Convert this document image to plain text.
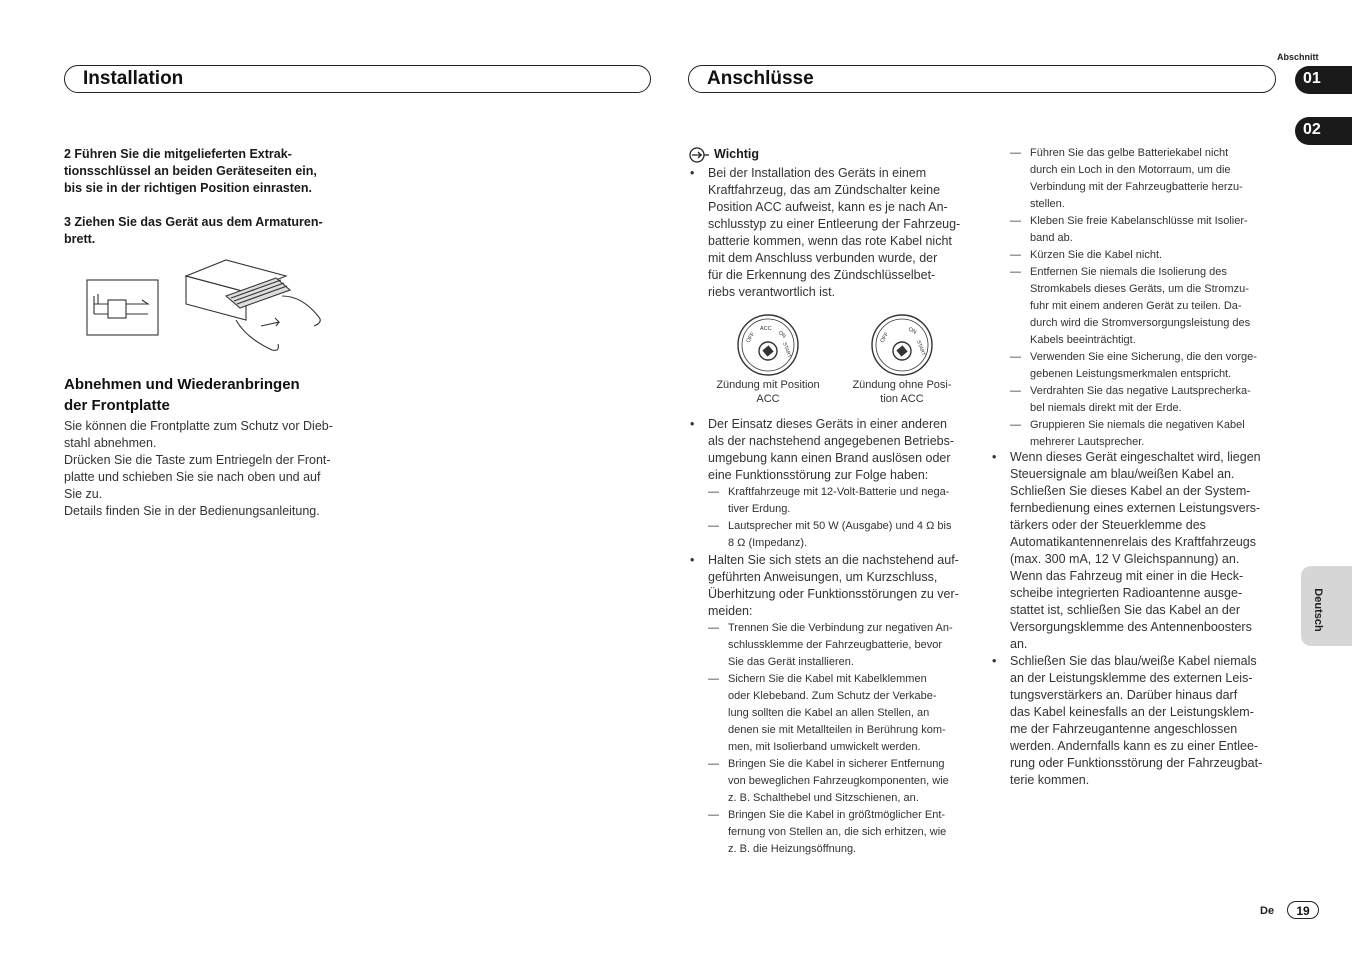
Abschnitt
Installation	Anschlüsse	01
02
2 Führen Sie die mitgelieferten Extrak-
tionsschlüssel an beiden Geräteseiten ein,
bis sie in der richtigen Position einrasten.
3 Ziehen Sie das Gerät aus dem Armaturen-
brett.
Abnehmen und Wiederanbringen
der Frontplatte
Sie können die Frontplatte zum Schutz vor Dieb-
stahl abnehmen.
Drücken Sie die Taste zum Entriegeln der Front-
platte und schieben Sie sie nach oben und auf
Sie zu.
Details finden Sie in der Bedienungsanleitung.
Wichtig
• Bei der Installation des Geräts in einem
Kraftfahrzeug, das am Zündschalter keine
Position ACC aufweist, kann es je nach An-
schlusstyp zu einer Entleerung der Fahrzeug-
batterie kommen, wenn das rote Kabel nicht
mit dem Anschluss verbunden wurde, der
für die Erkennung des Zündschlüsselbet-
riebs verantwortlich ist.
OFF
ACC
ON
START
OFF
ON
START
Zündung mit Position
ACC
Zündung ohne Posi-
tion ACC
• Der Einsatz dieses Geräts in einer anderen
als der nachstehend angegebenen Betriebs-
umgebung kann einen Brand auslösen oder
eine Funktionsstörung zur Folge haben:
— Kraftfahrzeuge mit 12-Volt-Batterie und nega-
tiver Erdung.
— Lautsprecher mit 50 W (Ausgabe) und 4 Ω bis
8 Ω (Impedanz).
• Halten Sie sich stets an die nachstehend auf-
geführten Anweisungen, um Kurzschluss,
Überhitzung oder Funktionsstörungen zu ver-
meiden:
— Trennen Sie die Verbindung zur negativen An-
schlussklemme der Fahrzeugbatterie, bevor
Sie das Gerät installieren.
— Sichern Sie die Kabel mit Kabelklemmen
oder Klebeband. Zum Schutz der Verkabe-
lung sollten die Kabel an allen Stellen, an
denen sie mit Metallteilen in Berührung kom-
men, mit Isolierband umwickelt werden.
— Bringen Sie die Kabel in sicherer Entfernung
von beweglichen Fahrzeugkomponenten, wie
z. B. Schalthebel und Sitzschienen, an.
— Bringen Sie die Kabel in größtmöglicher Ent-
fernung von Stellen an, die sich erhitzen, wie
z. B. die Heizungsöffnung.
— Führen Sie das gelbe Batteriekabel nicht
durch ein Loch in den Motorraum, um die
Verbindung mit der Fahrzeugbatterie herzu-
stellen.
— Kleben Sie freie Kabelanschlüsse mit Isolier-
band ab.
— Kürzen Sie die Kabel nicht.
— Entfernen Sie niemals die Isolierung des
Stromkabels dieses Geräts, um die Stromzu-
fuhr mit einem anderen Gerät zu teilen. Da-
durch wird die Stromversorgungsleistung des
Kabels beeinträchtigt.
— Verwenden Sie eine Sicherung, die den vorge-
gebenen Leistungsmerkmalen entspricht.
— Verdrahten Sie das negative Lautsprecherka-
bel niemals direkt mit der Erde.
— Gruppieren Sie niemals die negativen Kabel
mehrerer Lautsprecher.
• Wenn dieses Gerät eingeschaltet wird, liegen
Steuersignale am blau/weißen Kabel an.
Schließen Sie dieses Kabel an der System-
fernbedienung eines externen Leistungsvers-
tärkers oder der Steuerklemme des
Automatikantennenrelais des Kraftfahrzeugs
(max. 300 mA, 12 V Gleichspannung) an.
Wenn das Fahrzeug mit einer in die Heck-
scheibe integrierten Radioantenne ausge-
stattet ist, schließen Sie das Kabel an der
Versorgungsklemme des Antennenboosters
an.
• Schließen Sie das blau/weiße Kabel niemals
an der Leistungsklemme des externen Leis-
tungsverstärkers an. Darüber hinaus darf
das Kabel keinesfalls an der Leistungsklem-
me der Fahrzeugantenne angeschlossen
werden. Andernfalls kann es zu einer Entlee-
rung oder Funktionsstörung der Fahrzeugbat-
terie kommen.
Deutsch
De	19
